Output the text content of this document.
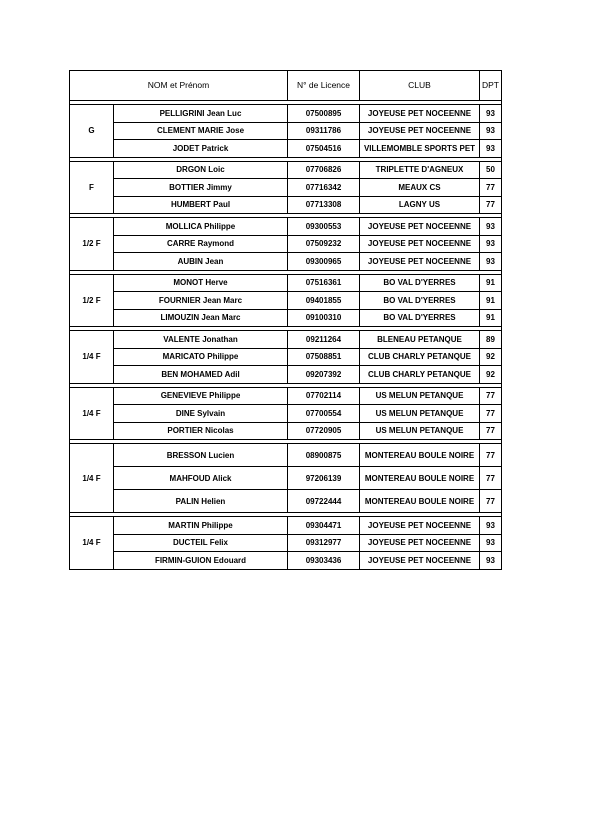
NOM et Prénom		N° de Licence	CLUB	DPT

G	PELLIGRINI Jean Luc	07500895	JOYEUSE PET NOCEENNE	93
	CLEMENT MARIE Jose	09311786	JOYEUSE PET NOCEENNE	93
	JODET Patrick	07504516	VILLEMOMBLE SPORTS PET	93

F	DRGON Loic	07706826	TRIPLETTE D'AGNEUX	50
	BOTTIER Jimmy	07716342	MEAUX CS	77
	HUMBERT Paul	07713308	LAGNY US	77

1/2 F	MOLLICA Philippe	09300553	JOYEUSE PET NOCEENNE	93
	CARRE Raymond	07509232	JOYEUSE PET NOCEENNE	93
	AUBIN Jean	09300965	JOYEUSE PET NOCEENNE	93

1/2 F	MONOT Herve	07516361	BO VAL D'YERRES	91
	FOURNIER Jean Marc	09401855	BO VAL D'YERRES	91
	LIMOUZIN Jean Marc	09100310	BO VAL D'YERRES	91

1/4 F	VALENTE Jonathan	09211264	BLENEAU PETANQUE	89
	MARICATO Philippe	07508851	CLUB CHARLY PETANQUE	92
	BEN MOHAMED Adil	09207392	CLUB CHARLY PETANQUE	92

1/4 F	GENEVIEVE Philippe	07702114	US MELUN PETANQUE	77
	DINE Sylvain	07700554	US MELUN PETANQUE	77
	PORTIER Nicolas	07720905	US MELUN PETANQUE	77

1/4 F	BRESSON Lucien	08900875	MONTEREAU BOULE NOIRE	77
	MAHFOUD Alick	97206139	MONTEREAU BOULE NOIRE	77
	PALIN Helien	09722444	MONTEREAU BOULE NOIRE	77

1/4 F	MARTIN Philippe	09304471	JOYEUSE PET NOCEENNE	93
	DUCTEIL Felix	09312977	JOYEUSE PET NOCEENNE	93
	FIRMIN-GUION Edouard	09303436	JOYEUSE PET NOCEENNE	93
